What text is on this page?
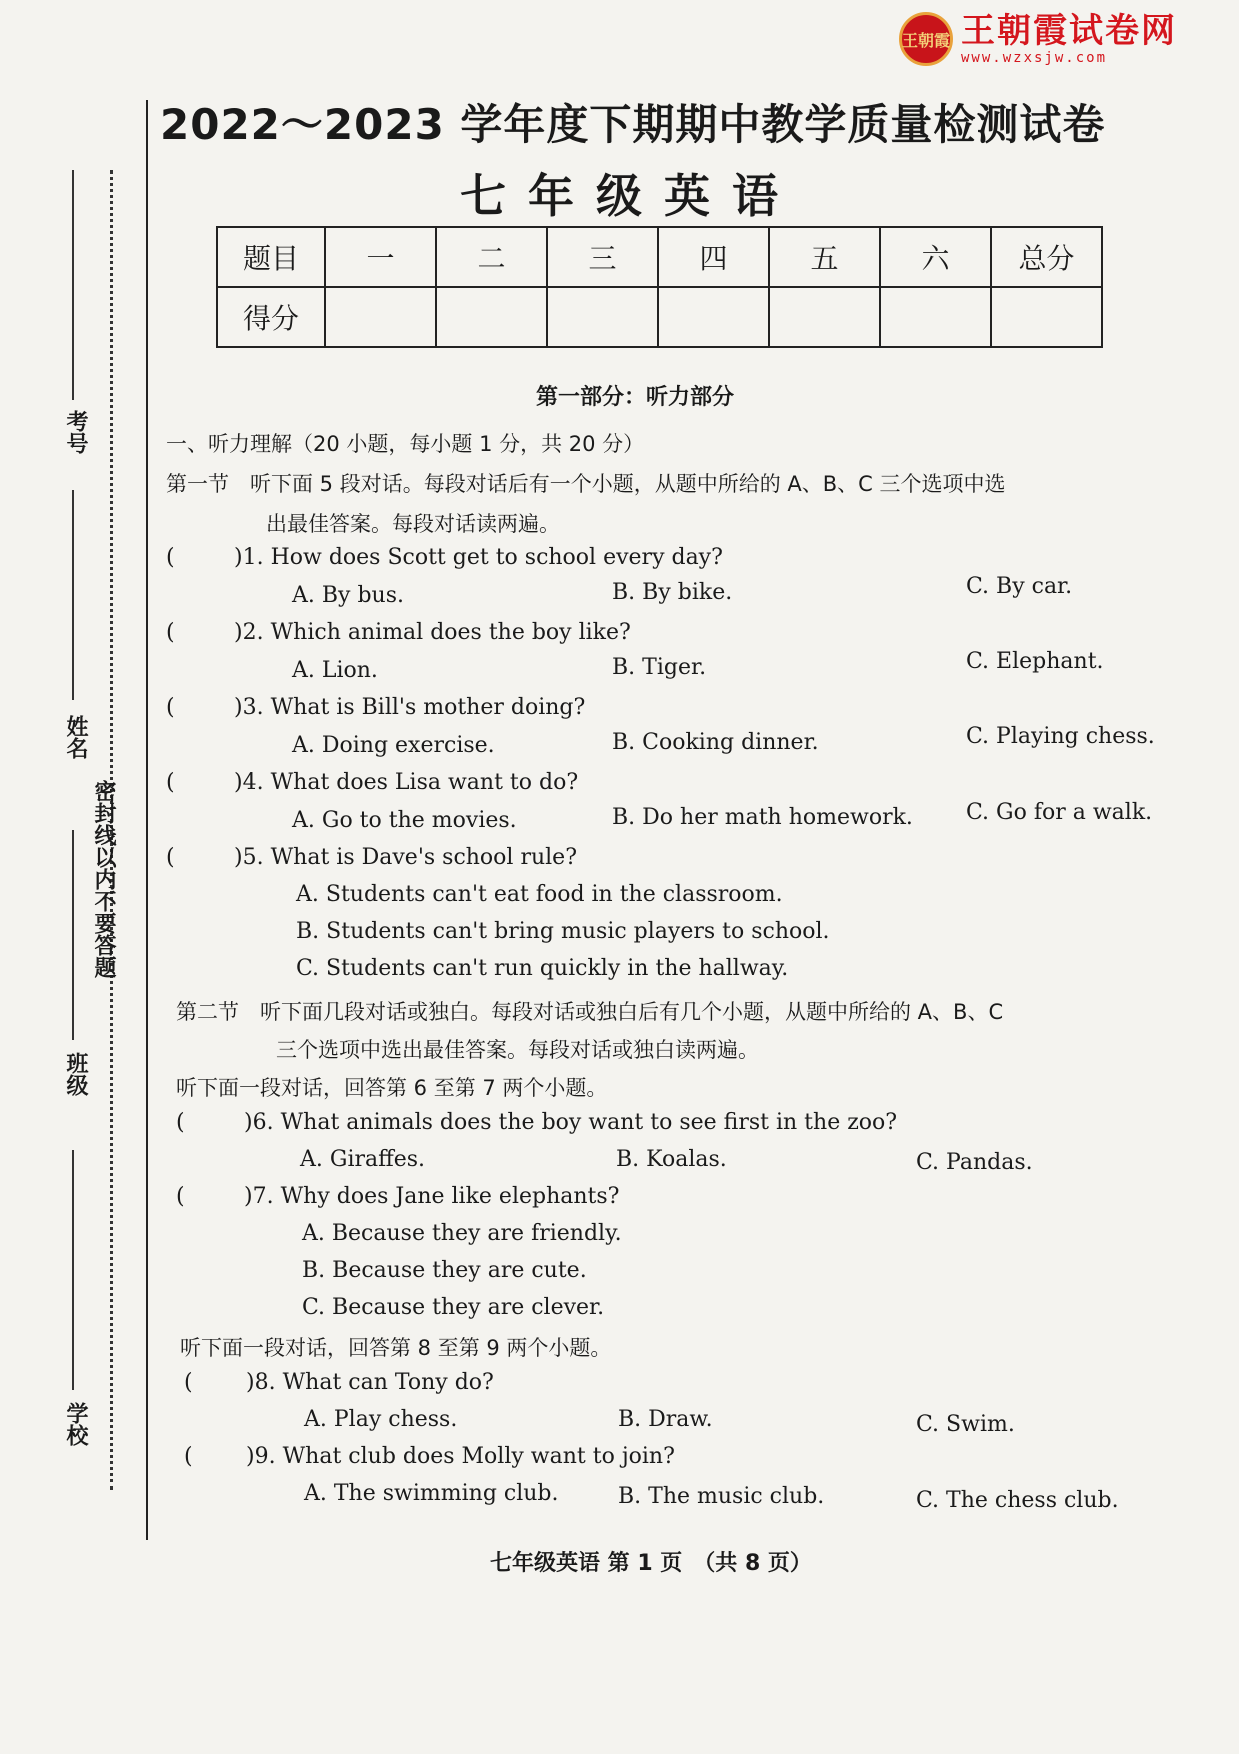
王朝霞 王朝霞试卷网
www.wzxsjw.com
2022～2023 学年度下期期中教学质量检测试卷
七年级英语
题目	一	二	三	四	五	六	总分
得分							
考号
姓名
密封线以内不要答题
班级
学校
第一部分：听力部分
一、听力理解（20 小题，每小题 1 分，共 20 分）
第一节　听下面 5 段对话。每段对话后有一个小题，从题中所给的 A、B、C 三个选项中选
出最佳答案。每段对话读两遍。
(	)1. How does Scott get to school every day?
A. By bus.	B. By bike.	C. By car.
(	)2. Which animal does the boy like?
A. Lion.	B. Tiger.	C. Elephant.
(	)3. What is Bill's mother doing?
A. Doing exercise.	B. Cooking dinner.	C. Playing chess.
(	)4. What does Lisa want to do?
A. Go to the movies.	B. Do her math homework. C. Go for a walk.
(	)5. What is Dave's school rule?
A. Students can't eat food in the classroom.
B. Students can't bring music players to school.
C. Students can't run quickly in the hallway.
第二节　听下面几段对话或独白。每段对话或独白后有几个小题，从题中所给的 A、B、C
三个选项中选出最佳答案。每段对话或独白读两遍。
听下面一段对话，回答第 6 至第 7 两个小题。
(	)6. What animals does the boy want to see first in the zoo?
A. Giraffes.	B. Koalas.	C. Pandas.
(	)7. Why does Jane like elephants?
A. Because they are friendly.
B. Because they are cute.
C. Because they are clever.
听下面一段对话，回答第 8 至第 9 两个小题。
( )8. What can Tony do?
A. Play chess.	B. Draw.	C. Swim.
( )9. What club does Molly want to join?
A. The swimming club.	B. The music club.	C. The chess club.
七年级英语 第 1 页　（共 8 页）
